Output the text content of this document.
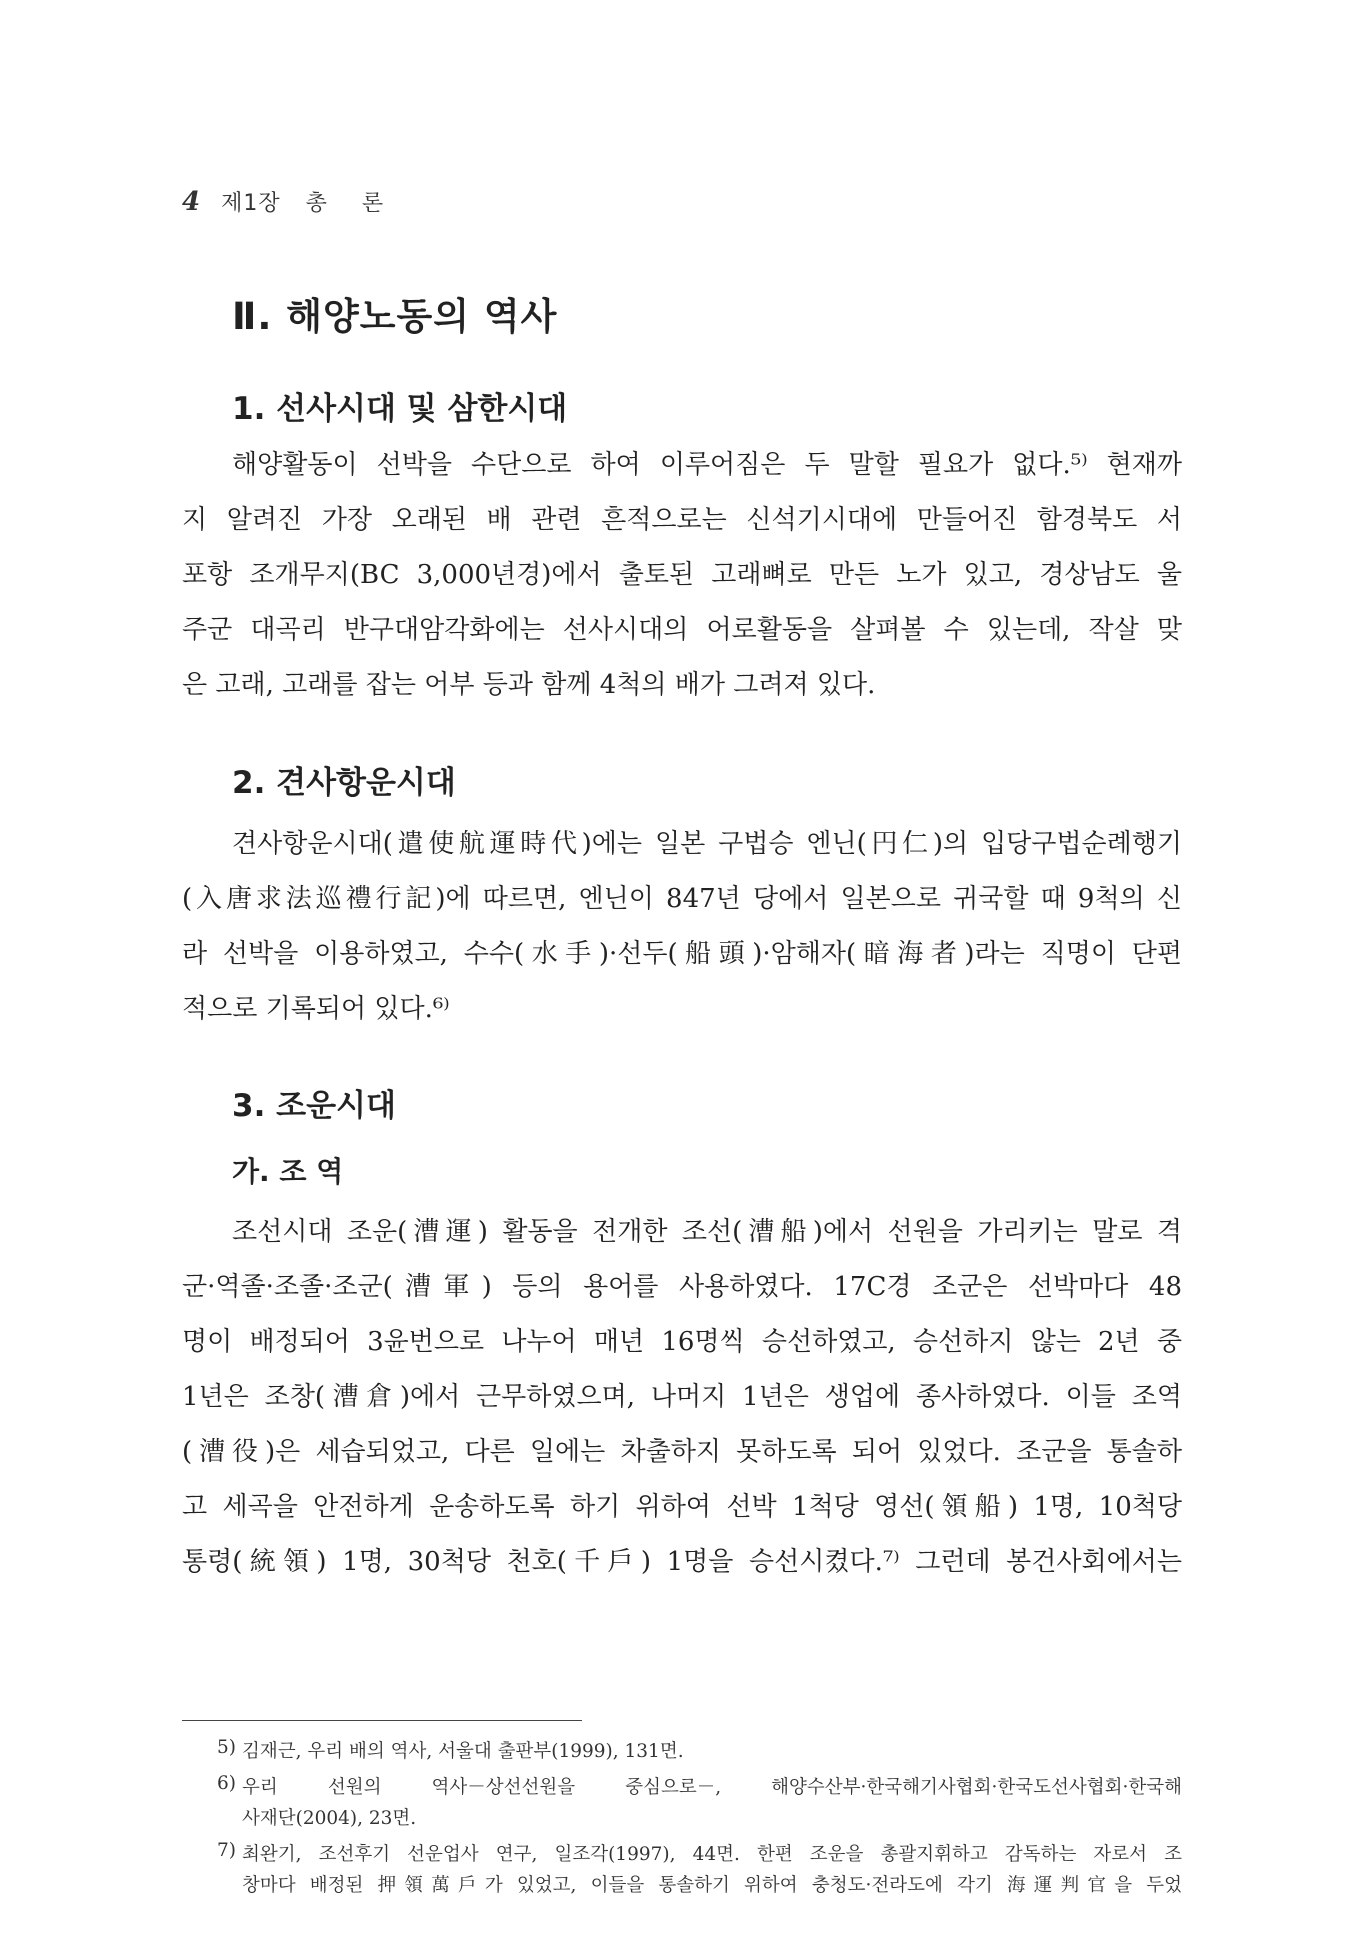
4 제1장 총 론
Ⅱ. 해양노동의 역사
1. 선사시대 및 삼한시대
해양활동이 선박을 수단으로 하여 이루어짐은 두 말할 필요가 없다.⁵⁾ 현재까
지 알려진 가장 오래된 배 관련 흔적으로는 신석기시대에 만들어진 함경북도 서
포항 조개무지(BC 3,000년경)에서 출토된 고래뼈로 만든 노가 있고, 경상남도 울
주군 대곡리 반구대암각화에는 선사시대의 어로활동을 살펴볼 수 있는데, 작살 맞
은 고래, 고래를 잡는 어부 등과 함께 4척의 배가 그려져 있다.
2. 견사항운시대
견사항운시대(遣使航運時代)에는 일본 구법승 엔닌(円仁)의 입당구법순례행기
(入唐求法巡禮行記)에 따르면, 엔닌이 847년 당에서 일본으로 귀국할 때 9척의 신
라 선박을 이용하였고, 수수(水手)·선두(船頭)·암해자(暗海者)라는 직명이 단편
적으로 기록되어 있다.⁶⁾
3. 조운시대
가. 조 역
조선시대 조운(漕運) 활동을 전개한 조선(漕船)에서 선원을 가리키는 말로 격
군·역졸·조졸·조군(漕軍) 등의 용어를 사용하였다. 17C경 조군은 선박마다 48
명이 배정되어 3윤번으로 나누어 매년 16명씩 승선하였고, 승선하지 않는 2년 중
1년은 조창(漕倉)에서 근무하였으며, 나머지 1년은 생업에 종사하였다. 이들 조역
(漕役)은 세습되었고, 다른 일에는 차출하지 못하도록 되어 있었다. 조군을 통솔하
고 세곡을 안전하게 운송하도록 하기 위하여 선박 1척당 영선(領船) 1명, 10척당
통령(統領) 1명, 30척당 천호(千戶) 1명을 승선시켰다.⁷⁾ 그런데 봉건사회에서는
5) 김재근, 우리 배의 역사, 서울대 출판부(1999), 131면.
6) 우리 선원의 역사－상선선원을 중심으로－, 해양수산부·한국해기사협회·한국도선사협회·한국해
사재단(2004), 23면.
7) 최완기, 조선후기 선운업사 연구, 일조각(1997), 44면. 한편 조운을 총괄지휘하고 감독하는 자로서 조
창마다 배정된 押領萬戶가 있었고, 이들을 통솔하기 위하여 충청도·전라도에 각기 海運判官을 두었
